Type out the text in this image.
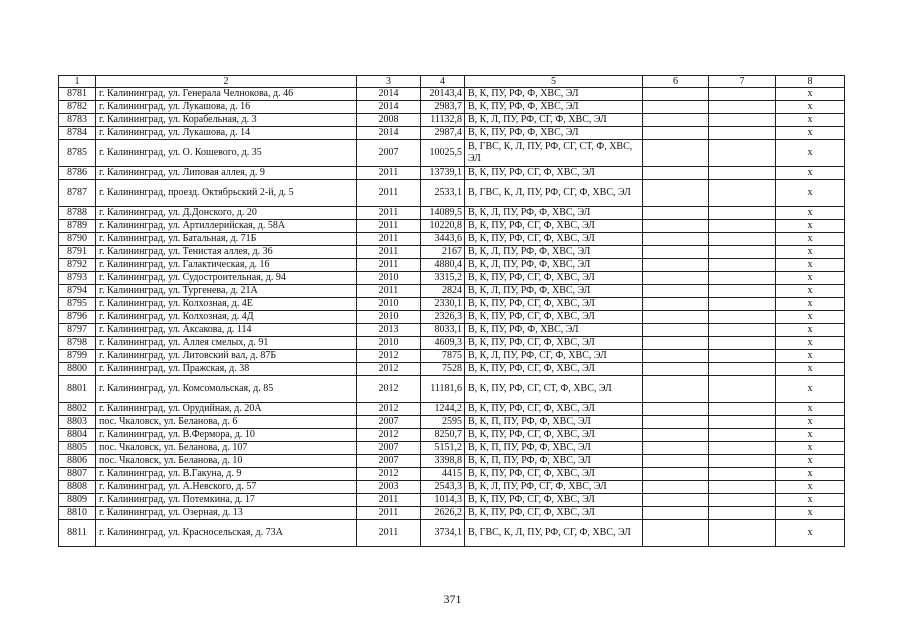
1	2	3	4	5	6	7	8
8781	г. Калининград, ул. Генерала Челнокова, д. 46	2014	20143,4	В, К, ПУ, РФ, Ф, ХВС, ЭЛ			х
8782	г. Калининград, ул. Лукашова, д. 16	2014	2983,7	В, К, ПУ, РФ, Ф, ХВС, ЭЛ			х
8783	г. Калининград, ул. Корабельная, д. 3	2008	11132,8	В, К, Л, ПУ, РФ, СГ, Ф, ХВС, ЭЛ			х
8784	г. Калининград, ул. Лукашова, д. 14	2014	2987,4	В, К, ПУ, РФ, Ф, ХВС, ЭЛ			х
8785	г. Калининград, ул. О. Кошевого, д. 35	2007	10025,5	В, ГВС, К, Л, ПУ, РФ, СГ, СТ, Ф, ХВС, ЭЛ			х
8786	г. Калининград, ул. Липовая аллея, д. 9	2011	13739,1	В, К, ПУ, РФ, СГ, Ф, ХВС, ЭЛ			х
8787	г. Калининград, проезд. Октябрьский 2-й, д. 5	2011	2533,1	В, ГВС, К, Л, ПУ, РФ, СГ, Ф, ХВС, ЭЛ			х
8788	г. Калининград, ул. Д.Донского, д. 20	2011	14089,5	В, К, Л, ПУ, РФ, Ф, ХВС, ЭЛ			х
8789	г. Калининград, ул. Артиллерийская, д. 58А	2011	10220,8	В, К, ПУ, РФ, СГ, Ф, ХВС, ЭЛ			х
8790	г. Калининград, ул. Батальная, д. 71Б	2011	3443,6	В, К, ПУ, РФ, СГ, Ф, ХВС, ЭЛ			х
8791	г. Калининград, ул. Тенистая аллея, д. 36	2011	2167	В, К, Л, ПУ, РФ, Ф, ХВС, ЭЛ			х
8792	г. Калининград, ул. Галактическая, д. 16	2011	4880,4	В, К, Л, ПУ, РФ, Ф, ХВС, ЭЛ			х
8793	г. Калининград, ул. Судостроительная, д. 94	2010	3315,2	В, К, ПУ, РФ, СГ, Ф, ХВС, ЭЛ			х
8794	г. Калининград, ул. Тургенева, д. 21А	2011	2824	В, К, Л, ПУ, РФ, Ф, ХВС, ЭЛ			х
8795	г. Калининград, ул. Колхозная, д. 4Е	2010	2330,1	В, К, ПУ, РФ, СГ, Ф, ХВС, ЭЛ			х
8796	г. Калининград, ул. Колхозная, д. 4Д	2010	2326,3	В, К, ПУ, РФ, СГ, Ф, ХВС, ЭЛ			х
8797	г. Калининград, ул. Аксакова, д. 114	2013	8033,1	В, К, ПУ, РФ, Ф, ХВС, ЭЛ			х
8798	г. Калининград, ул. Аллея смелых, д. 91	2010	4609,3	В, К, ПУ, РФ, СГ, Ф, ХВС, ЭЛ			х
8799	г. Калининград, ул. Литовский вал, д. 87Б	2012	7875	В, К, Л, ПУ, РФ, СГ, Ф, ХВС, ЭЛ			х
8800	г. Калининград, ул. Пражская, д. 38	2012	7528	В, К, ПУ, РФ, СГ, Ф, ХВС, ЭЛ			х
8801	г. Калининград, ул. Комсомольская, д. 85	2012	11181,6	В, К, ПУ, РФ, СГ, СТ, Ф, ХВС, ЭЛ			х
8802	г. Калининград, ул. Орудийная, д. 20А	2012	1244,2	В, К, ПУ, РФ, СГ, Ф, ХВС, ЭЛ			х
8803	пос. Чкаловск, ул. Беланова, д. 6	2007	2595	В, К, П, ПУ, РФ, Ф, ХВС, ЭЛ			х
8804	г. Калининград, ул. В.Фермора, д. 10	2012	8250,7	В, К, ПУ, РФ, СГ, Ф, ХВС, ЭЛ			х
8805	пос. Чкаловск, ул. Беланова, д. 107	2007	5151,2	В, К, П, ПУ, РФ, Ф, ХВС, ЭЛ			х
8806	пос. Чкаловск, ул. Беланова, д. 10	2007	3398,8	В, К, П, ПУ, РФ, Ф, ХВС, ЭЛ			х
8807	г. Калининград, ул. В.Гакуна, д. 9	2012	4415	В, К, ПУ, РФ, СГ, Ф, ХВС, ЭЛ			х
8808	г. Калининград, ул. А.Невского, д. 57	2003	2543,3	В, К, Л, ПУ, РФ, СГ, Ф, ХВС, ЭЛ			х
8809	г. Калининград, ул. Потемкина, д. 17	2011	1014,3	В, К, ПУ, РФ, СГ, Ф, ХВС, ЭЛ			х
8810	г. Калининград, ул. Озерная, д. 13	2011	2626,2	В, К, ПУ, РФ, СГ, Ф, ХВС, ЭЛ			х
8811	г. Калининград, ул. Красносельская, д. 73А	2011	3734,1	В, ГВС, К, Л, ПУ, РФ, СГ, Ф, ХВС, ЭЛ			х
371
